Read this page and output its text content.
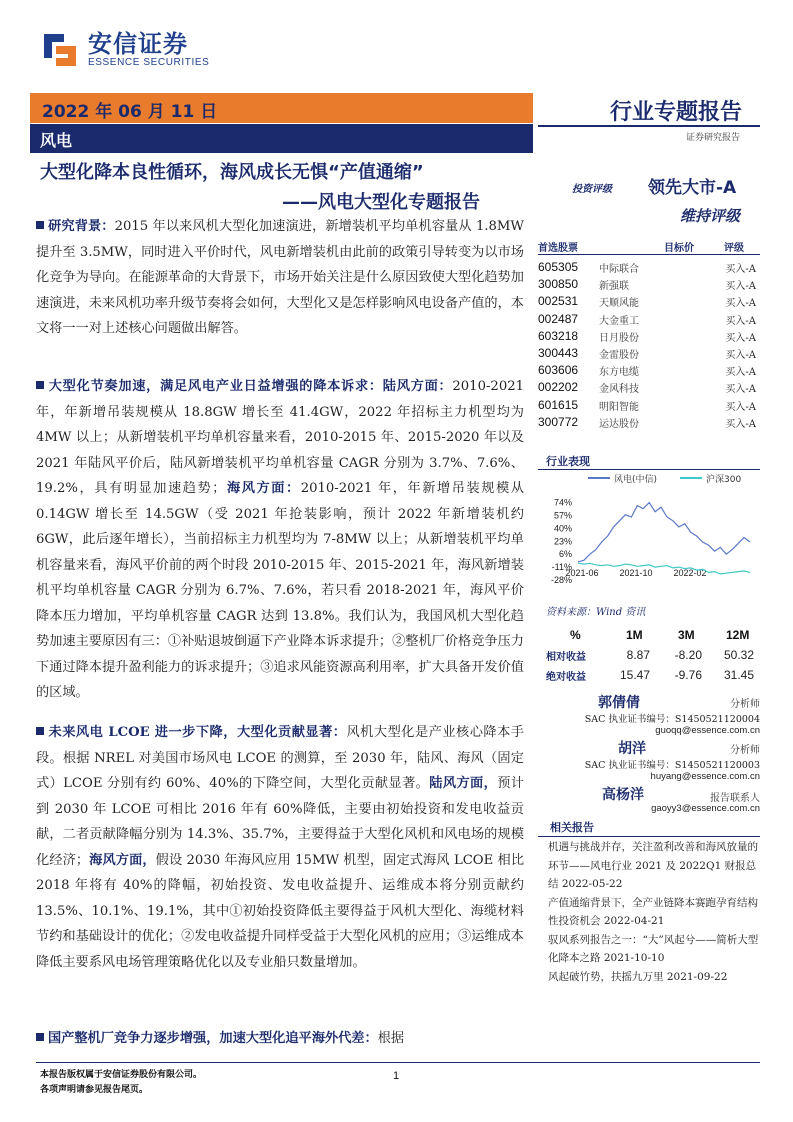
安信证券
ESSENCE SECURITIES
2022 年 06 月 11 日
风电
行业专题报告
证券研究报告
大型化降本良性循环，海风成长无惧“产值通缩”
——风电大型化专题报告
研究背景：2015 年以来风机大型化加速演进，新增装机平均单机容量从 1.8MW 提升至 3.5MW，同时进入平价时代，风电新增装机由此前的政策引导转变为以市场化竞争为导向。在能源革命的大背景下，市场开始关注是什么原因致使大型化趋势加速演进，未来风机功率升级节奏将会如何，大型化又是怎样影响风电设备产值的，本文将一一对上述核心问题做出解答。
大型化节奏加速，满足风电产业日益增强的降本诉求：陆风方面：2010-2021 年，年新增吊装规模从 18.8GW 增长至 41.4GW，2022 年招标主力机型均为 4MW 以上；从新增装机平均单机容量来看，2010-2015 年、2015-2020 年以及 2021 年陆风平价后，陆风新增装机平均单机容量 CAGR 分别为 3.7%、7.6%、19.2%，具有明显加速趋势；海风方面：2010-2021 年，年新增吊装规模从 0.14GW 增长至 14.5GW（受 2021 年抢装影响，预计 2022 年新增装机约 6GW，此后逐年增长），当前招标主力机型均为 7-8MW 以上；从新增装机平均单机容量来看，海风平价前的两个时段 2010-2015 年、2015-2021 年，海风新增装机平均单机容量 CAGR 分别为 6.7%、7.6%，若只看 2018-2021 年，海风平价降本压力增加，平均单机容量 CAGR 达到 13.8%。我们认为，我国风机大型化趋势加速主要原因有三：①补贴退坡倒逼下产业降本诉求提升；②整机厂价格竞争压力下通过降本提升盈利能力的诉求提升；③追求风能资源高利用率，扩大具备开发价值的区域。
未来风电 LCOE 进一步下降，大型化贡献显著：风机大型化是产业核心降本手段。根据 NREL 对美国市场风电 LCOE 的测算，至 2030 年，陆风、海风（固定式）LCOE 分别有约 60%、40%的下降空间，大型化贡献显著。陆风方面，预计到 2030 年 LCOE 可相比 2016 年有 60%降低，主要由初始投资和发电收益贡献，二者贡献降幅分别为 14.3%、35.7%，主要得益于大型化风机和风电场的规模化经济；海风方面，假设 2030 年海风应用 15MW 机型，固定式海风 LCOE 相比 2018 年将有 40%的降幅，初始投资、发电收益提升、运维成本将分别贡献约 13.5%、10.1%、19.1%，其中①初始投资降低主要得益于风机大型化、海缆材料节约和基础设计的优化；②发电收益提升同样受益于大型化风机的应用；③运维成本降低主要系风电场管理策略优化以及专业船只数量增加。
国产整机厂竞争力逐步增强，加速大型化追平海外代差：根据
投资评级 领先大市-A
维持评级
首选股票	目标价	评级
605305 中际联合	买入-A
300850 新强联	买入-A
002531 天顺风能	买入-A
002487 大金重工	买入-A
603218 日月股份	买入-A
300443 金雷股份	买入-A
603606 东方电缆	买入-A
002202 金风科技	买入-A
601615 明阳智能	买入-A
300772 运达股份	买入-A
行业表现
风电(中信)	沪深300
74%
57%
40%
23%
6%
-11%
-28%
2021-06 2021-10 2022-02
资料来源：Wind 资讯
%	1M	3M	12M
相对收益	8.87	-8.20	50.32
绝对收益	15.47	-9.76	31.45
郭倩倩	分析师
SAC 执业证书编号：S1450521120004
guoqq@essence.com.cn
胡洋	分析师
SAC 执业证书编号：S1450521120003
huyang@essence.com.cn
高杨洋	报告联系人
gaoyy3@essence.com.cn
相关报告
机遇与挑战并存，关注盈利改善和海风放量的环节——风电行业 2021 及 2022Q1 财报总结 2022-05-22
产值通缩背景下，全产业链降本赛跑孕育结构性投资机会 2022-04-21
驭风系列报告之一：“大”风起兮——简析大型化降本之路 2021-10-10
风起破竹势，扶摇九万里 2021-09-22
本报告版权属于安信证券股份有限公司。
各项声明请参见报告尾页。
1
